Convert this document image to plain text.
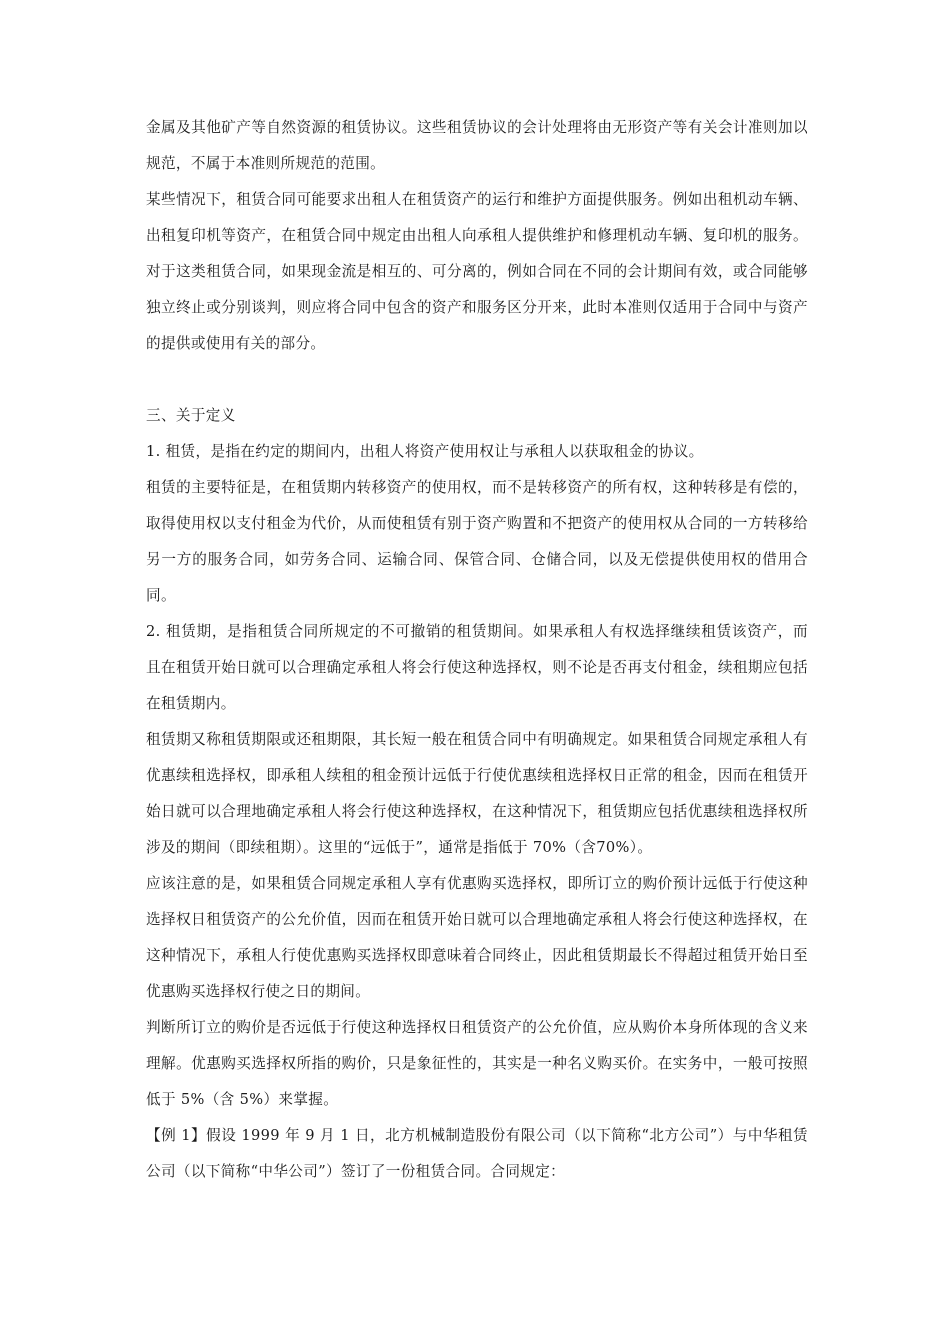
金属及其他矿产等自然资源的租赁协议。这些租赁协议的会计处理将由无形资产等有关会计准则加以规范，不属于本准则所规范的范围。

某些情况下，租赁合同可能要求出租人在租赁资产的运行和维护方面提供服务。例如出租机动车辆、出租复印机等资产，在租赁合同中规定由出租人向承租人提供维护和修理机动车辆、复印机的服务。对于这类租赁合同，如果现金流是相互的、可分离的，例如合同在不同的会计期间有效，或合同能够独立终止或分别谈判，则应将合同中包含的资产和服务区分开来，此时本准则仅适用于合同中与资产的提供或使用有关的部分。

三、关于定义

1. 租赁，是指在约定的期间内，出租人将资产使用权让与承租人以获取租金的协议。

租赁的主要特征是，在租赁期内转移资产的使用权，而不是转移资产的所有权，这种转移是有偿的，取得使用权以支付租金为代价，从而使租赁有别于资产购置和不把资产的使用权从合同的一方转移给另一方的服务合同，如劳务合同、运输合同、保管合同、仓储合同，以及无偿提供使用权的借用合同。

2. 租赁期，是指租赁合同所规定的不可撤销的租赁期间。如果承租人有权选择继续租赁该资产，而且在租赁开始日就可以合理确定承租人将会行使这种选择权，则不论是否再支付租金，续租期应包括在租赁期内。

租赁期又称租赁期限或还租期限，其长短一般在租赁合同中有明确规定。如果租赁合同规定承租人有优惠续租选择权，即承租人续租的租金预计远低于行使优惠续租选择权日正常的租金，因而在租赁开始日就可以合理地确定承租人将会行使这种选择权，在这种情况下，租赁期应包括优惠续租选择权所涉及的期间（即续租期）。这里的“远低于”，通常是指低于 70%（含70%）。

应该注意的是，如果租赁合同规定承租人享有优惠购买选择权，即所订立的购价预计远低于行使这种选择权日租赁资产的公允价值，因而在租赁开始日就可以合理地确定承租人将会行使这种选择权，在这种情况下，承租人行使优惠购买选择权即意味着合同终止，因此租赁期最长不得超过租赁开始日至优惠购买选择权行使之日的期间。

判断所订立的购价是否远低于行使这种选择权日租赁资产的公允价值，应从购价本身所体现的含义来理解。优惠购买选择权所指的购价，只是象征性的，其实是一种名义购买价。在实务中，一般可按照低于 5%（含 5%）来掌握。

【例 1】假设 1999 年 9 月 1 日，北方机械制造股份有限公司（以下简称“北方公司”）与中华租赁公司（以下简称“中华公司”）签订了一份租赁合同。合同规定：
